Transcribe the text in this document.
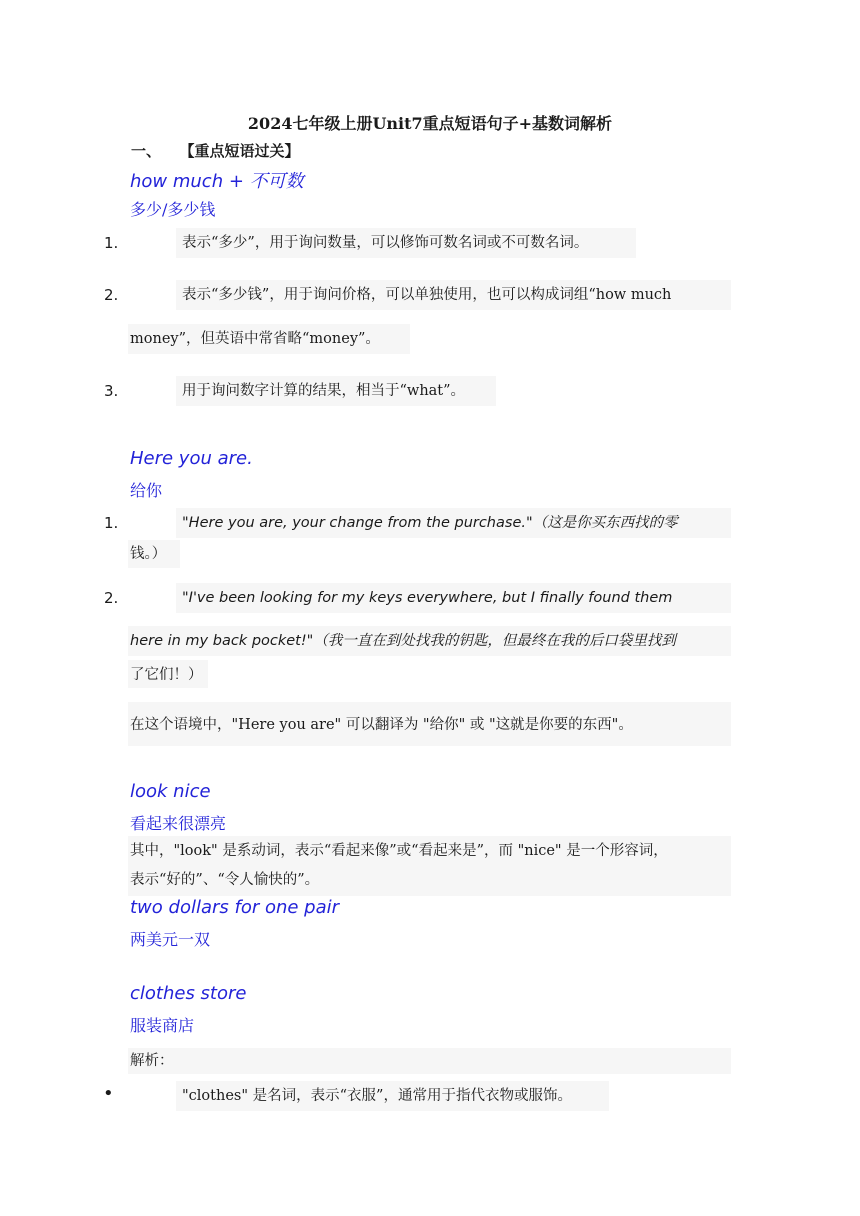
2024七年级上册Unit7重点短语句子+基数词解析
一、 【重点短语过关】
how much + 不可数
多少/多少钱
1.	表示“多少”，用于询问数量，可以修饰可数名词或不可数名词。
2.	表示“多少钱”，用于询问价格，可以单独使用，也可以构成词组“how much
money”，但英语中常省略“money”。
3.	用于询问数字计算的结果，相当于“what”。
Here you are.
给你
1.	"Here you are, your change from the purchase."（这是你买东西找的零
钱。）
2.	"I've been looking for my keys everywhere, but I finally found them
here in my back pocket!"（我一直在到处找我的钥匙，但最终在我的后口袋里找到
了它们！）
在这个语境中，"Here you are" 可以翻译为 "给你" 或 "这就是你要的东西"。
look nice
看起来很漂亮
其中，"look" 是系动词，表示“看起来像”或“看起来是”，而 "nice" 是一个形容词，
表示“好的”、“令人愉快的”。
two dollars for one pair
两美元一双
clothes store
服装商店
解析：
•	"clothes" 是名词，表示“衣服”，通常用于指代衣物或服饰。
